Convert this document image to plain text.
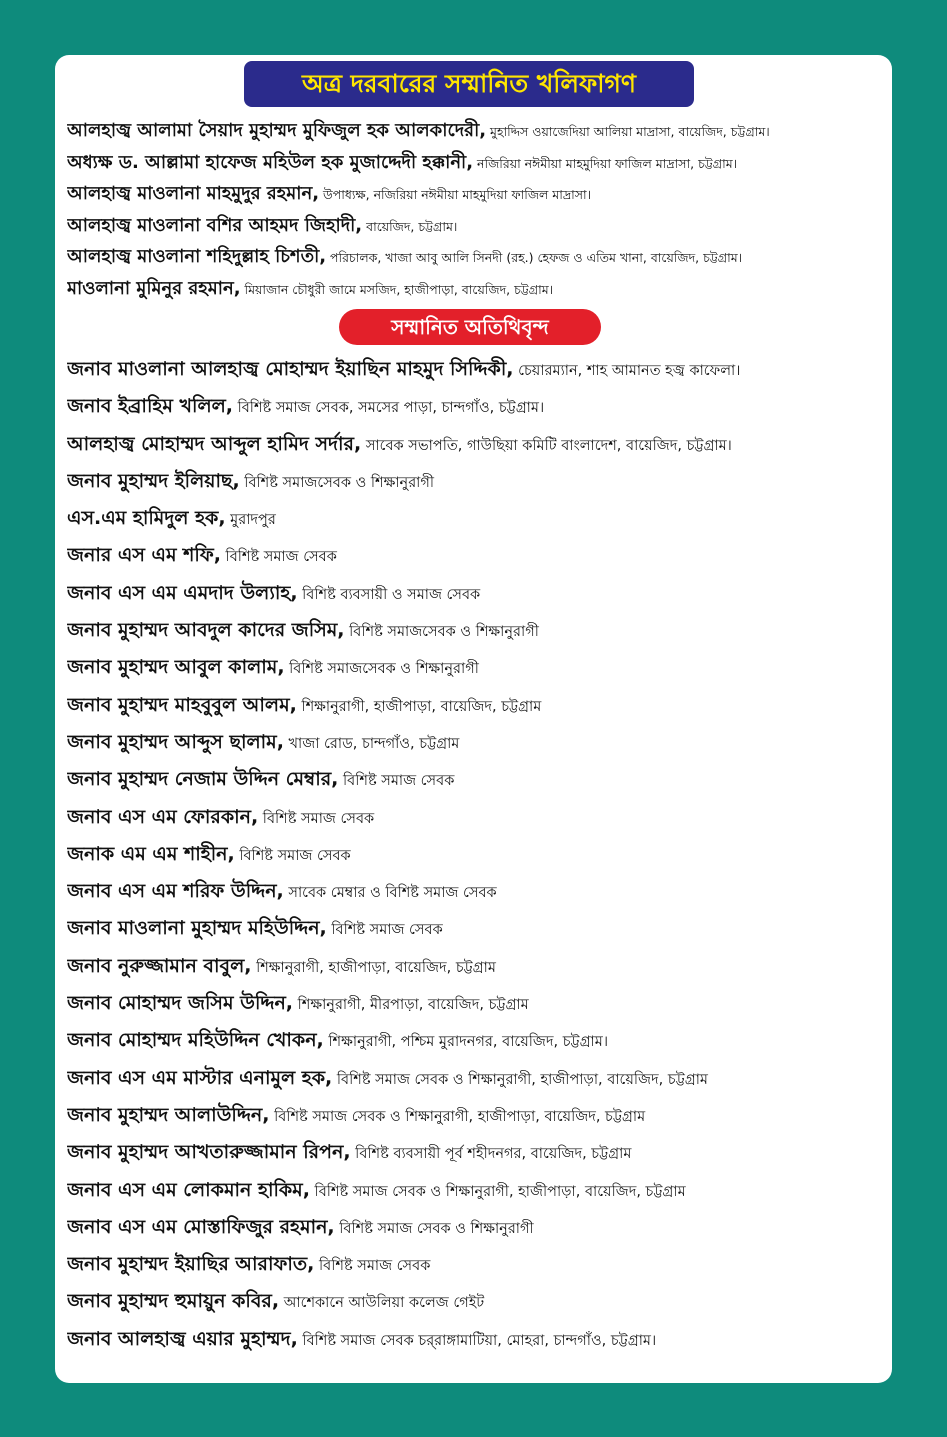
অত্র দরবারের সম্মানিত খলিফাগণ
আলহাজ্ব আলামা সৈয়াদ মুহাম্মদ মুফিজুল হক আলকাদেরী, মুহাদ্দিস ওয়াজেদিয়া আলিয়া মাদ্রাসা, বায়েজিদ, চট্টগ্রাম।
অধ্যক্ষ ড. আল্লামা হাফেজ মহিউল হক মুজাদ্দেদী হক্কানী, নজিরিয়া নঈমীয়া মাহমুদিয়া ফাজিল মাদ্রাসা, চট্টগ্রাম।
আলহাজ্ব মাওলানা মাহমুদুর রহমান, উপাধ্যক্ষ, নজিরিয়া নঈমীয়া মাহমুদিয়া ফাজিল মাদ্রাসা।
আলহাজ্ব মাওলানা বশির আহমদ জিহাদী, বায়েজিদ, চট্টগ্রাম।
আলহাজ্ব মাওলানা শহিদুল্লাহ চিশতী, পরিচালক, খাজা আবু আলি সিনদী (রহ.) হেফজ ও এতিম খানা, বায়েজিদ, চট্টগ্রাম।
মাওলানা মুমিনুর রহমান, মিয়াজান চৌধুরী জামে মসজিদ, হাজীপাড়া, বায়েজিদ, চট্টগ্রাম।
সম্মানিত অতিথিবৃন্দ
জনাব মাওলানা আলহাজ্ব মোহাম্মদ ইয়াছিন মাহমুদ সিদ্দিকী, চেয়ারম্যান, শাহ আমানত হজ্ব কাফেলা।
জনাব ইব্রাহিম খলিল, বিশিষ্ট সমাজ সেবক, সমসের পাড়া, চান্দগাঁও, চট্টগ্রাম।
আলহাজ্ব মোহাম্মদ আব্দুল হামিদ সর্দার, সাবেক সভাপতি, গাউছিয়া কমিটি বাংলাদেশ, বায়েজিদ, চট্টগ্রাম।
জনাব মুহাম্মদ ইলিয়াছ, বিশিষ্ট সমাজসেবক ও শিক্ষানুরাগী
এস.এম হামিদুল হক, মুরাদপুর
জনার এস এম শফি, বিশিষ্ট সমাজ সেবক
জনাব এস এম এমদাদ উল্যাহ, বিশিষ্ট ব্যবসায়ী ও সমাজ সেবক
জনাব মুহাম্মদ আবদুল কাদের জসিম, বিশিষ্ট সমাজসেবক ও শিক্ষানুরাগী
জনাব মুহাম্মদ আবুল কালাম, বিশিষ্ট সমাজসেবক ও শিক্ষানুরাগী
জনাব মুহাম্মদ মাহবুবুল আলম, শিক্ষানুরাগী, হাজীপাড়া, বায়েজিদ, চট্টগ্রাম
জনাব মুহাম্মদ আব্দুস ছালাম, খাজা রোড, চান্দগাঁও, চট্টগ্রাম
জনাব মুহাম্মদ নেজাম উদ্দিন মেম্বার, বিশিষ্ট সমাজ সেবক
জনাব এস এম ফোরকান, বিশিষ্ট সমাজ সেবক
জনাক এম এম শাহীন, বিশিষ্ট সমাজ সেবক
জনাব এস এম শরিফ উদ্দিন, সাবেক মেম্বার ও বিশিষ্ট সমাজ সেবক
জনাব মাওলানা মুহাম্মদ মহিউদ্দিন, বিশিষ্ট সমাজ সেবক
জনাব নুরুজ্জামান বাবুল, শিক্ষানুরাগী, হাজীপাড়া, বায়েজিদ, চট্টগ্রাম
জনাব মোহাম্মদ জসিম উদ্দিন, শিক্ষানুরাগী, মীরপাড়া, বায়েজিদ, চট্টগ্রাম
জনাব মোহাম্মদ মহিউদ্দিন খোকন, শিক্ষানুরাগী, পশ্চিম মুরাদনগর, বায়েজিদ, চট্টগ্রাম।
জনাব এস এম মাস্টার এনামুল হক, বিশিষ্ট সমাজ সেবক ও শিক্ষানুরাগী, হাজীপাড়া, বায়েজিদ, চট্টগ্রাম
জনাব মুহাম্মদ আলাউদ্দিন, বিশিষ্ট সমাজ সেবক ও শিক্ষানুরাগী, হাজীপাড়া, বায়েজিদ, চট্টগ্রাম
জনাব মুহাম্মদ আখতারুজ্জামান রিপন, বিশিষ্ট ব্যবসায়ী পূর্ব শহীদনগর, বায়েজিদ, চট্টগ্রাম
জনাব এস এম লোকমান হাকিম, বিশিষ্ট সমাজ সেবক ও শিক্ষানুরাগী, হাজীপাড়া, বায়েজিদ, চট্টগ্রাম
জনাব এস এম মোস্তাফিজুর রহমান, বিশিষ্ট সমাজ সেবক ও শিক্ষানুরাগী
জনাব মুহাম্মদ ইয়াছির আরাফাত, বিশিষ্ট সমাজ সেবক
জনাব মুহাম্মদ হুমায়ুন কবির, আশেকানে আউলিয়া কলেজ গেইট
জনাব আলহাজ্ব এয়ার মুহাম্মদ, বিশিষ্ট সমাজ সেবক চর্‌রাঙ্গামাটিয়া, মোহরা, চান্দগাঁও, চট্টগ্রাম।
